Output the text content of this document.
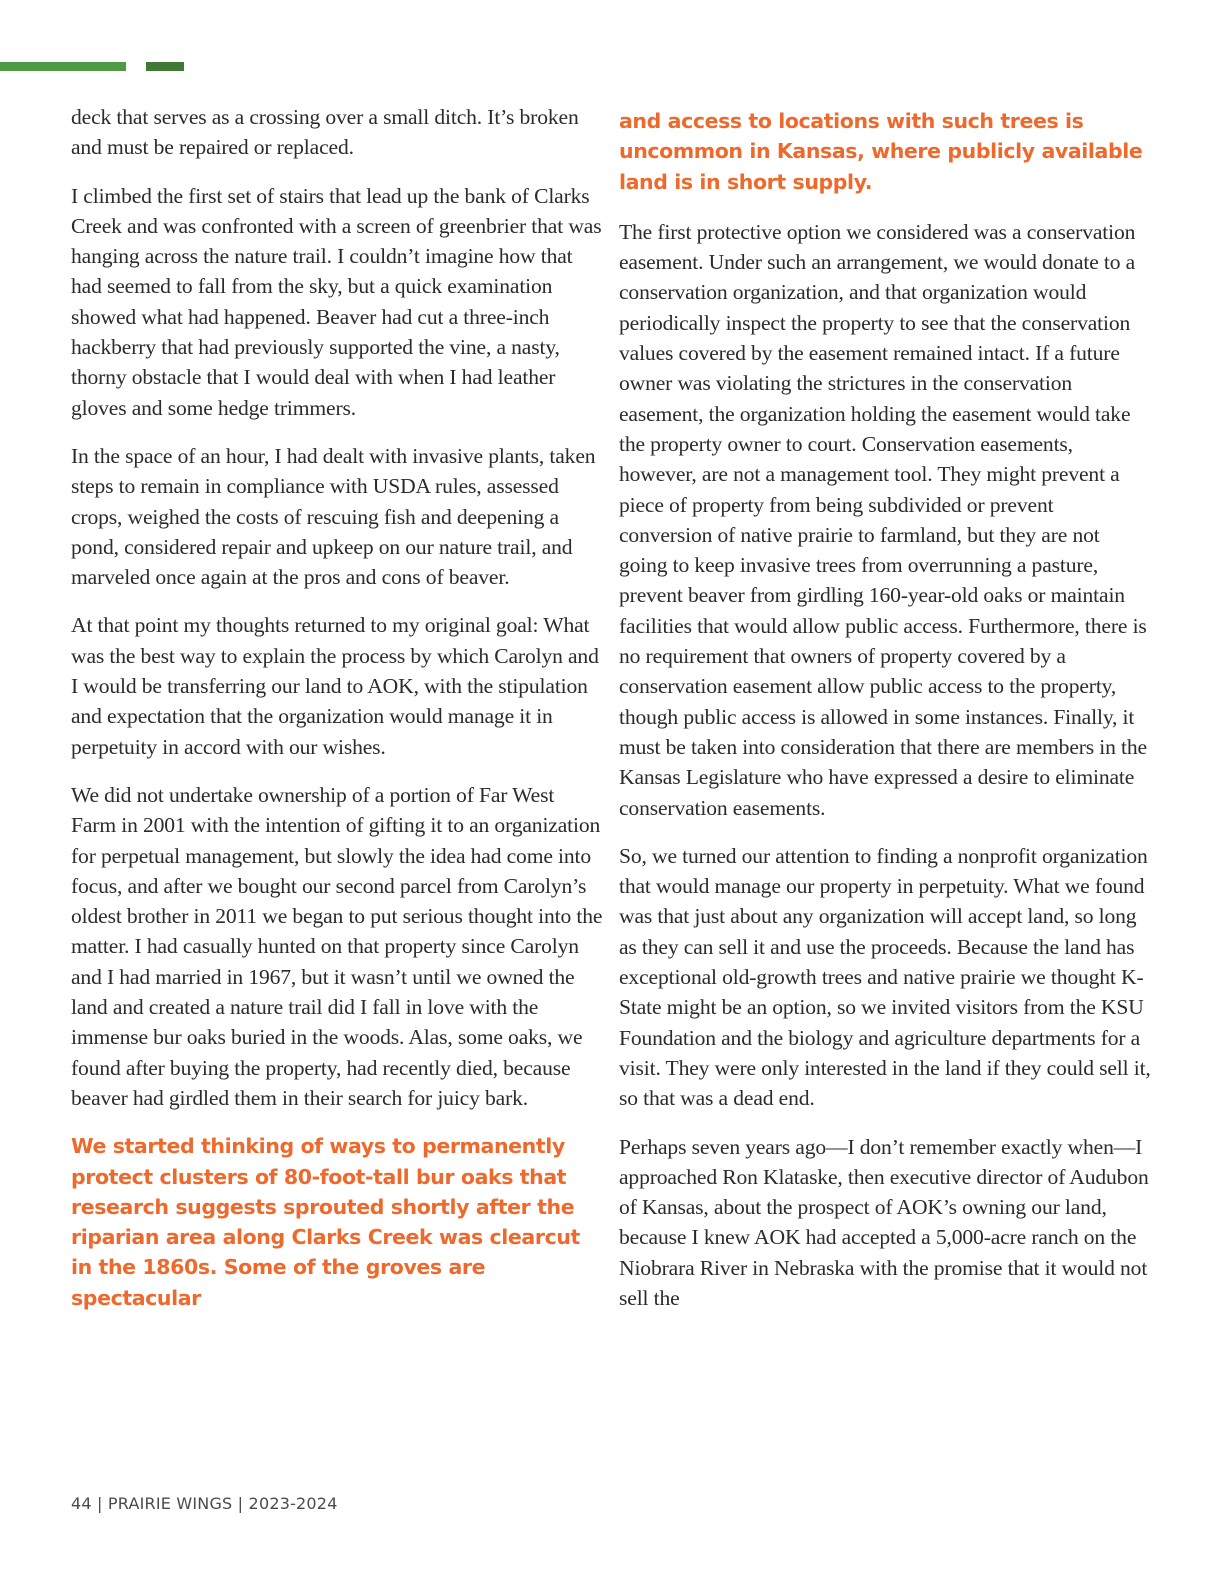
deck that serves as a crossing over a small ditch. It’s broken and must be repaired or replaced.

I climbed the first set of stairs that lead up the bank of Clarks Creek and was confronted with a screen of greenbrier that was hanging across the nature trail. I couldn’t imagine how that had seemed to fall from the sky, but a quick examination showed what had happened. Beaver had cut a three-inch hackberry that had previously supported the vine, a nasty, thorny obstacle that I would deal with when I had leather gloves and some hedge trimmers.

In the space of an hour, I had dealt with invasive plants, taken steps to remain in compliance with USDA rules, assessed crops, weighed the costs of rescuing fish and deepening a pond, considered repair and upkeep on our nature trail, and marveled once again at the pros and cons of beaver.

At that point my thoughts returned to my original goal: What was the best way to explain the process by which Carolyn and I would be transferring our land to AOK, with the stipulation and expectation that the organization would manage it in perpetuity in accord with our wishes.

We did not undertake ownership of a portion of Far West Farm in 2001 with the intention of gifting it to an organization for perpetual management, but slowly the idea had come into focus, and after we bought our second parcel from Carolyn’s oldest brother in 2011 we began to put serious thought into the matter. I had casually hunted on that property since Carolyn and I had married in 1967, but it wasn’t until we owned the land and created a nature trail did I fall in love with the immense bur oaks buried in the woods. Alas, some oaks, we found after buying the property, had recently died, because beaver had girdled them in their search for juicy bark.

We started thinking of ways to permanently protect clusters of 80-foot-tall bur oaks that research suggests sprouted shortly after the riparian area along Clarks Creek was clearcut in the 1860s. Some of the groves are spectacular
and access to locations with such trees is uncommon in Kansas, where publicly available land is in short supply.

The first protective option we considered was a conservation easement. Under such an arrangement, we would donate to a conservation organization, and that organization would periodically inspect the property to see that the conservation values covered by the easement remained intact. If a future owner was violating the strictures in the conservation easement, the organization holding the easement would take the property owner to court. Conservation easements, however, are not a management tool. They might prevent a piece of property from being subdivided or prevent conversion of native prairie to farmland, but they are not going to keep invasive trees from overrunning a pasture, prevent beaver from girdling 160-year-old oaks or maintain facilities that would allow public access. Furthermore, there is no requirement that owners of property covered by a conservation easement allow public access to the property, though public access is allowed in some instances. Finally, it must be taken into consideration that there are members in the Kansas Legislature who have expressed a desire to eliminate conservation easements.

So, we turned our attention to finding a nonprofit organization that would manage our property in perpetuity. What we found was that just about any organization will accept land, so long as they can sell it and use the proceeds. Because the land has exceptional old-growth trees and native prairie we thought K-State might be an option, so we invited visitors from the KSU Foundation and the biology and agriculture departments for a visit. They were only interested in the land if they could sell it, so that was a dead end.

Perhaps seven years ago—I don’t remember exactly when—I approached Ron Klataske, then executive director of Audubon of Kansas, about the prospect of AOK’s owning our land, because I knew AOK had accepted a 5,000-acre ranch on the Niobrara River in Nebraska with the promise that it would not sell the

44 | PRAIRIE WINGS | 2023-2024
